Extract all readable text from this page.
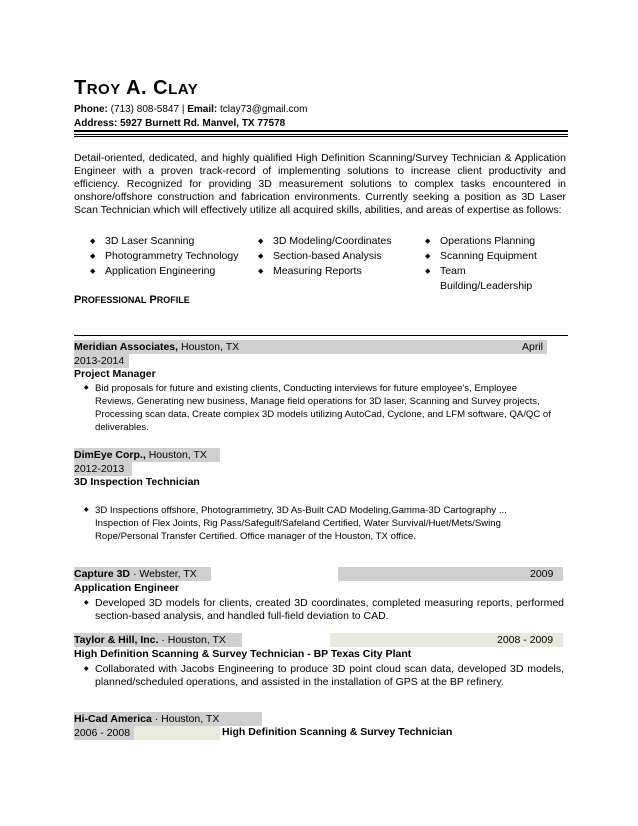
TROY A. CLAY
Phone: (713) 808-5847 | Email: tclay73@gmail.com
Address: 5927 Burnett Rd. Manvel, TX 77578
Detail-oriented, dedicated, and highly qualified High Definition Scanning/Survey Technician & Application Engineer with a proven track-record of implementing solutions to increase client productivity and efficiency. Recognized for providing 3D measurement solutions to complex tasks encountered in onshore/offshore construction and fabrication environments. Currently seeking a position as 3D Laser Scan Technician which will effectively utilize all acquired skills, abilities, and areas of expertise as follows:
◆ 3D Laser Scanning
◆ Photogrammetry Technology
◆ Application Engineering
◆ 3D Modeling/Coordinates
◆ Section-based Analysis
◆ Measuring Reports
◆ Operations Planning
◆ Scanning Equipment
◆ Team Building/Leadership
PROFESSIONAL PROFILE
Meridian Associates, Houston, TX	April
2013-2014
Project Manager
◆ Bid proposals for future and existing clients, Conducting interviews for future employee's, Employee Reviews, Generating new business, Manage field operations for 3D laser, Scanning and Survey projects, Processing scan data, Create complex 3D models utilizing AutoCad, Cyclone, and LFM software, QA/QC of deliverables.
DimEye Corp., Houston, TX
2012-2013
3D Inspection Technician
◆ 3D Inspections offshore, Photogrammetry, 3D As-Built CAD Modeling,Gamma-3D Cartography ... Inspection of Flex Joints, Rig Pass/Safegulf/Safeland Certified, Water Survival/Huet/Mets/Swing Rope/Personal Transfer Certified. Office manager of the Houston, TX office.
Capture 3D · Webster, TX	2009
Application Engineer
◆ Developed 3D models for clients, created 3D coordinates, completed measuring reports, performed section-based analysis, and handled full-field deviation to CAD.
Taylor & Hill, Inc. · Houston, TX	2008 - 2009
High Definition Scanning & Survey Technician - BP Texas City Plant
◆ Collaborated with Jacobs Engineering to produce 3D point cloud scan data, developed 3D models, planned/scheduled operations, and assisted in the installation of GPS at the BP refinery.
Hi-Cad America · Houston, TX
2006 - 2008	High Definition Scanning & Survey Technician
